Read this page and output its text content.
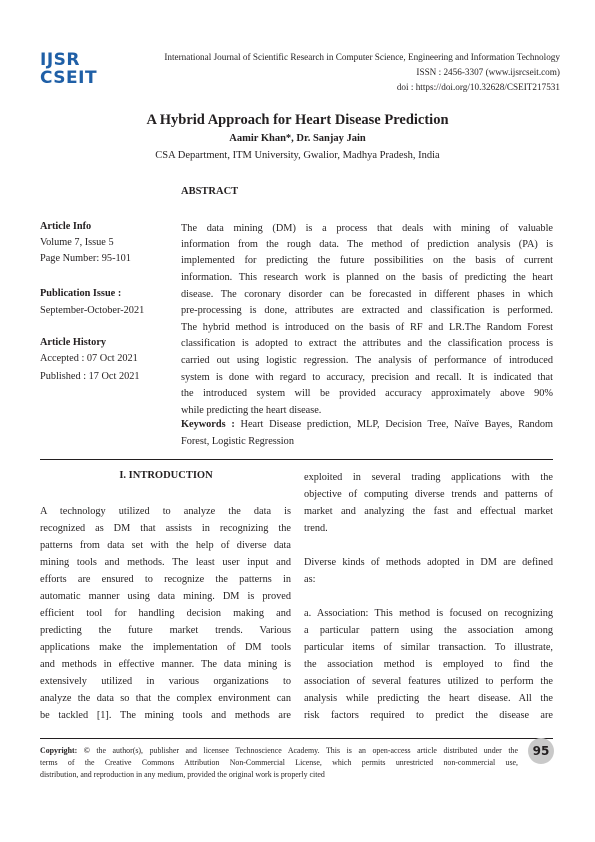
IJSR
CSEIT
International Journal of Scientific Research in Computer Science, Engineering and Information Technology
ISSN : 2456-3307 (www.ijsrcseit.com)
doi : https://doi.org/10.32628/CSEIT217531
A Hybrid Approach for Heart Disease Prediction
Aamir Khan*, Dr. Sanjay Jain
CSA Department, ITM University, Gwalior, Madhya Pradesh, India
ABSTRACT
Article Info
Volume 7, Issue 5
Page Number: 95-101
Publication Issue :
September-October-2021
Article History
Accepted : 07 Oct 2021
Published : 17 Oct 2021
The data mining (DM) is a process that deals with mining of valuable
information from the rough data. The method of prediction analysis (PA) is
implemented for predicting the future possibilities on the basis of current
information. This research work is planned on the basis of predicting the heart
disease. The coronary disorder can be forecasted in different phases in which
pre-processing is done, attributes are extracted and classification is performed.
The hybrid method is introduced on the basis of RF and LR.The Random Forest
classification is adopted to extract the attributes and the classification process is
carried out using logistic regression. The analysis of performance of introduced
system is done with regard to accuracy, precision and recall. It is indicated that
the introduced system will be provided accuracy approximately above 90%
while predicting the heart disease.
Keywords : Heart Disease prediction, MLP, Decision Tree, Naïve Bayes, Random
Forest, Logistic Regression
I. INTRODUCTION
A technology utilized to analyze the data is
recognized as DM that assists in recognizing the
patterns from data set with the help of diverse data
mining tools and methods. The least user input and
efforts are ensured to recognize the patterns in
automatic manner using data mining. DM is proved
efficient tool for handling decision making and
predicting the future market trends. Various
applications make the implementation of DM tools
and methods in effective manner. The data mining is
extensively utilized in various organizations to
analyze the data so that the complex environment can
be tackled [1]. The mining tools and methods are
exploited in several trading applications with the
objective of computing diverse trends and patterns of
market and analyzing the fast and effectual market
trend.
Diverse kinds of methods adopted in DM are defined
as:
a. Association: This method is focused on recognizing
a particular pattern using the association among
particular items of similar transaction. To illustrate,
the association method is employed to find the
association of several features utilized to perform the
analysis while predicting the heart disease. All the
risk factors required to predict the disease are
Copyright: © the author(s), publisher and licensee Technoscience Academy. This is an open-access article distributed under the
terms of the Creative Commons Attribution Non-Commercial License, which permits unrestricted non-commercial use,
distribution, and reproduction in any medium, provided the original work is properly cited
95
